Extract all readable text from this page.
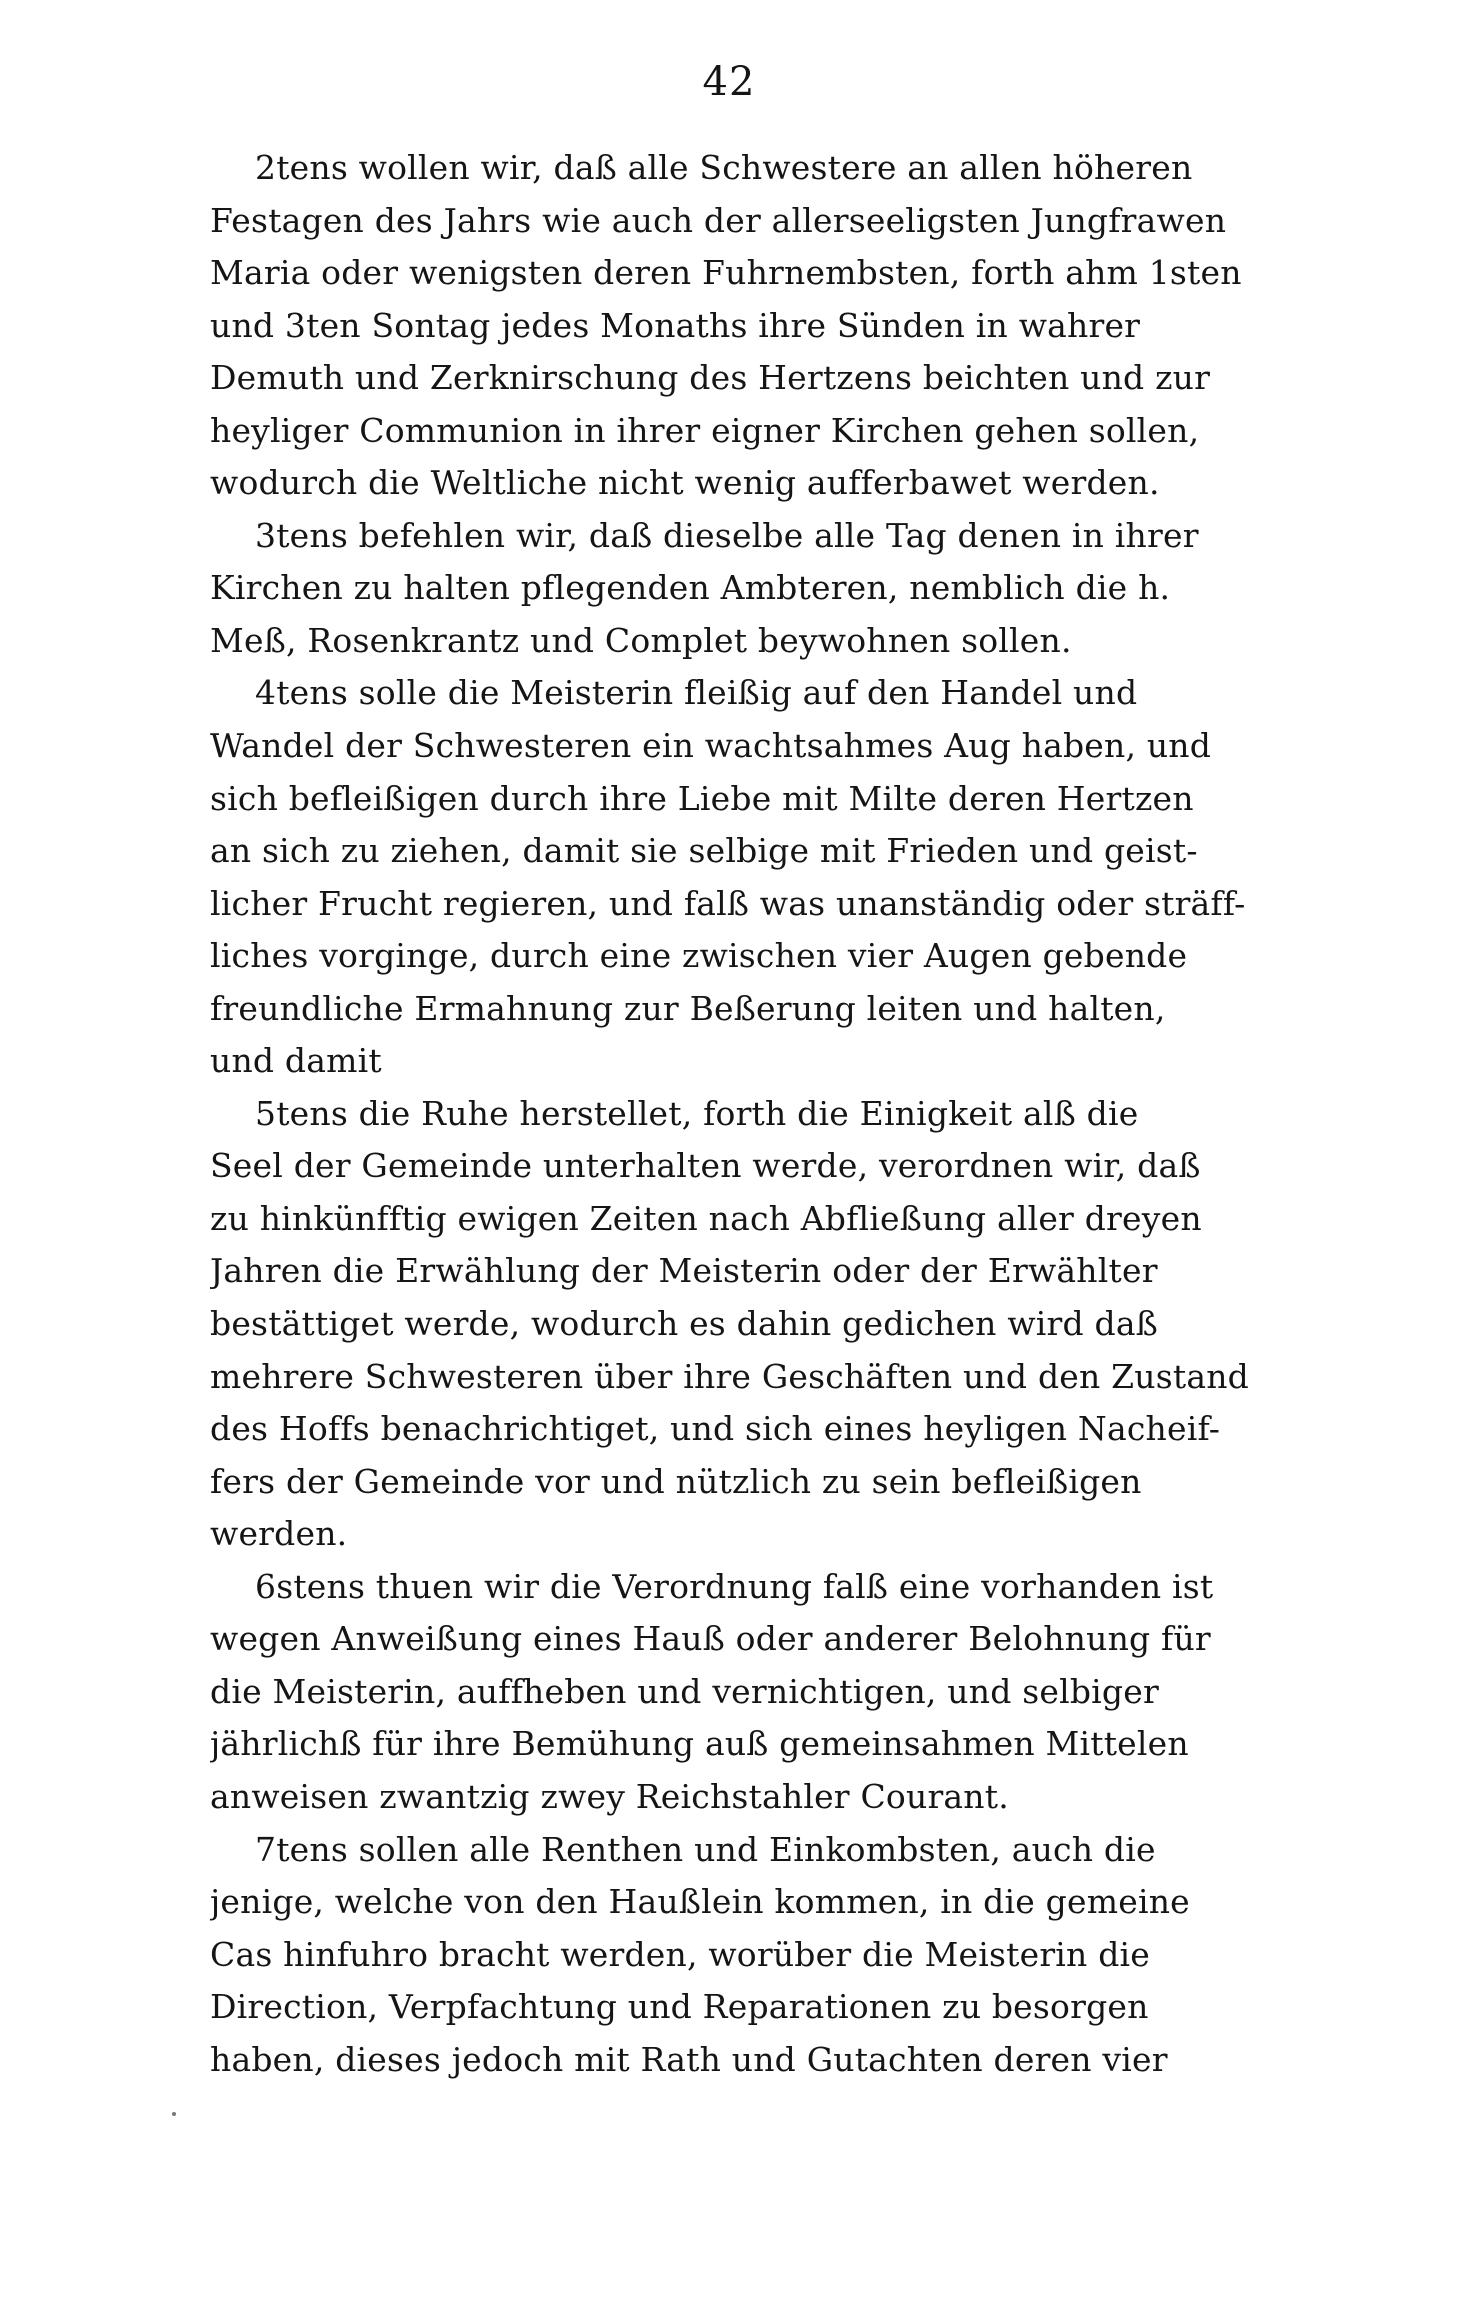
42
2tens wollen wir, daß alle Schwestere an allen höheren
Festagen des Jahrs wie auch der allerseeligsten Jungfrawen
Maria oder wenigsten deren Fuhrnembsten, forth ahm 1sten
und 3ten Sontag jedes Monaths ihre Sünden in wahrer
Demuth und Zerknirschung des Hertzens beichten und zur
heyliger Communion in ihrer eigner Kirchen gehen sollen,
wodurch die Weltliche nicht wenig aufferbawet werden.
3tens befehlen wir, daß dieselbe alle Tag denen in ihrer
Kirchen zu halten pflegenden Ambteren, nemblich die h.
Meß, Rosenkrantz und Complet beywohnen sollen.
4tens solle die Meisterin fleißig auf den Handel und
Wandel der Schwesteren ein wachtsahmes Aug haben, und
sich befleißigen durch ihre Liebe mit Milte deren Hertzen
an sich zu ziehen, damit sie selbige mit Frieden und geist-
licher Frucht regieren, und falß was unanständig oder sträff-
liches vorginge, durch eine zwischen vier Augen gebende
freundliche Ermahnung zur Beßerung leiten und halten,
und damit
5tens die Ruhe herstellet, forth die Einigkeit alß die
Seel der Gemeinde unterhalten werde, verordnen wir, daß
zu hinkünfftig ewigen Zeiten nach Abfließung aller dreyen
Jahren die Erwählung der Meisterin oder der Erwählter
bestättiget werde, wodurch es dahin gedichen wird daß
mehrere Schwesteren über ihre Geschäften und den Zustand
des Hoffs benachrichtiget, und sich eines heyligen Nacheif-
fers der Gemeinde vor und nützlich zu sein befleißigen
werden.
6stens thuen wir die Verordnung falß eine vorhanden ist
wegen Anweißung eines Hauß oder anderer Belohnung für
die Meisterin, auffheben und vernichtigen, und selbiger
jährlichß für ihre Bemühung auß gemeinsahmen Mittelen
anweisen zwantzig zwey Reichstahler Courant.
7tens sollen alle Renthen und Einkombsten, auch die
jenige, welche von den Haußlein kommen, in die gemeine
Cas hinfuhro bracht werden, worüber die Meisterin die
Direction, Verpfachtung und Reparationen zu besorgen
haben, dieses jedoch mit Rath und Gutachten deren vier
